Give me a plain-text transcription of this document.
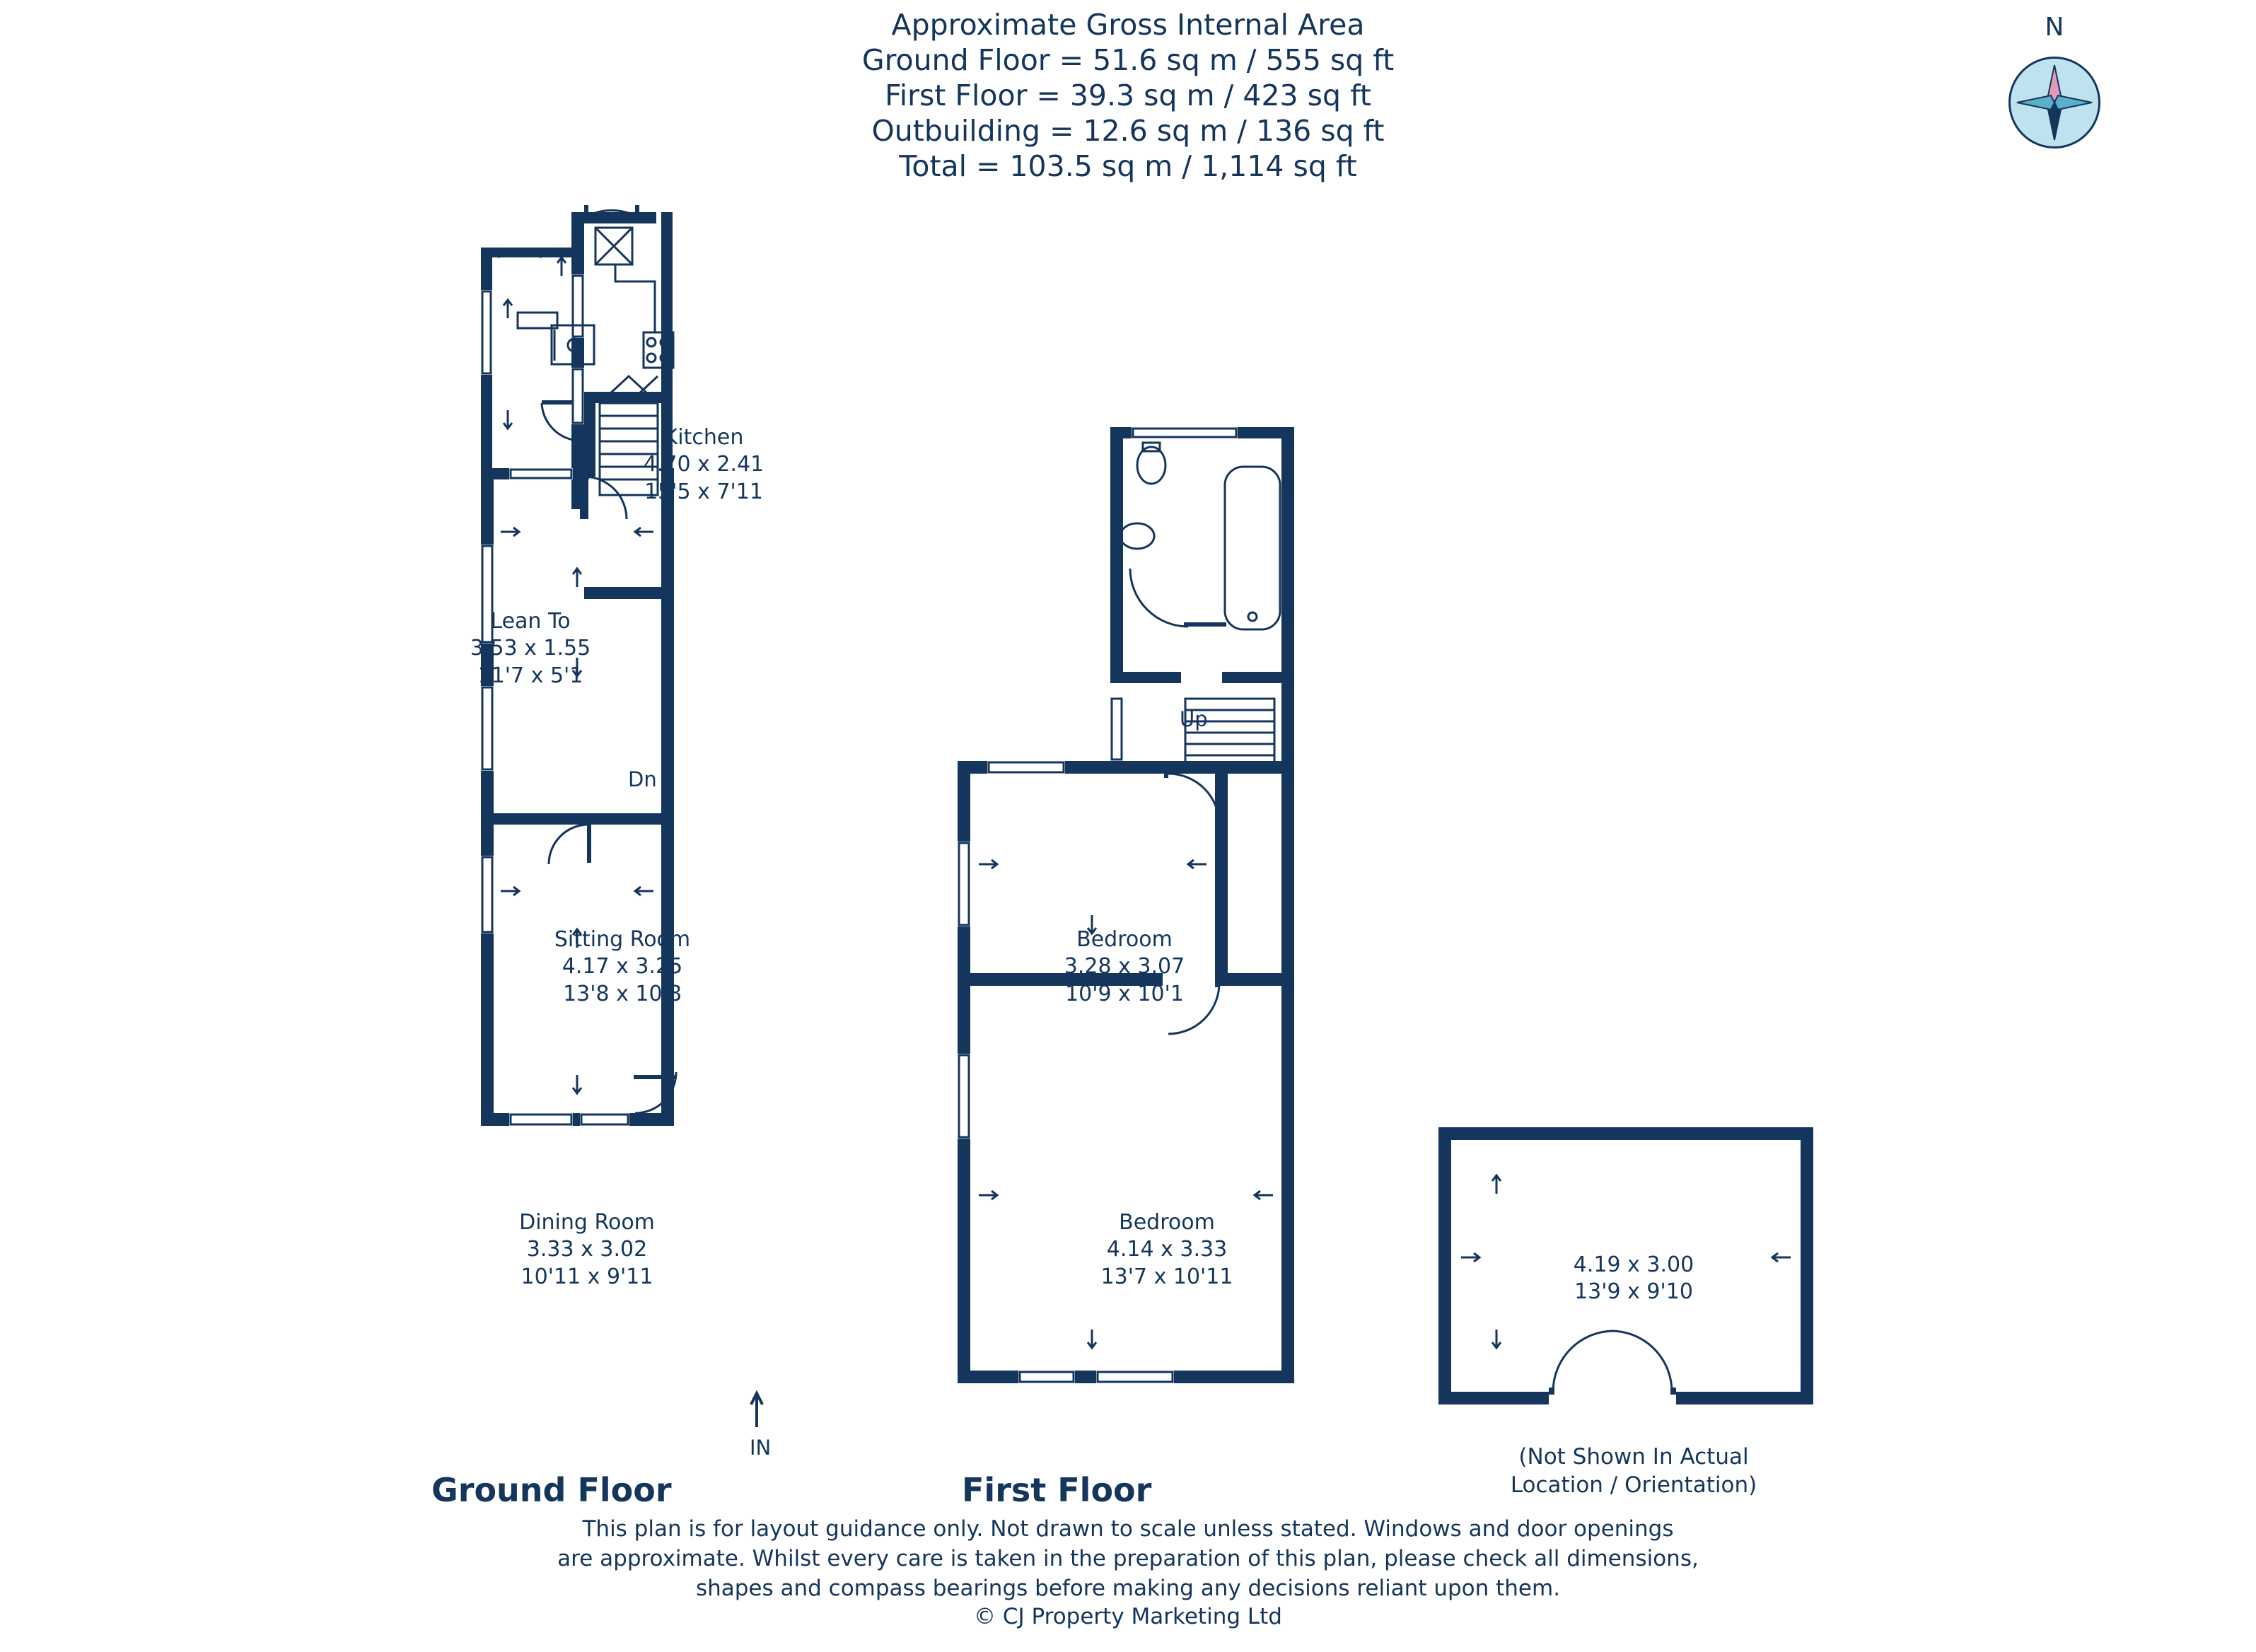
Approximate Gross Internal Area
Ground Floor = 51.6 sq m / 555 sq ft
First Floor = 39.3 sq m / 423 sq ft
Outbuilding = 12.6 sq m / 136 sq ft
Total = 103.5 sq m / 1,114 sq ft
N
Kitchen
4.70 x 2.41
15'5 x 7'11
Lean To
3.53 x 1.55
11'7 x 5'1
Sitting Room
4.17 x 3.25
13'8 x 10'8
Dining Room
3.33 x 3.02
10'11 x 9'11
Dn
IN
Ground Floor
Up
Bedroom
3.28 x 3.07
10'9 x 10'1
Bedroom
4.14 x 3.33
13'7 x 10'11
First Floor
4.19 x 3.00
13'9 x 9'10
(Not Shown In Actual
Location / Orientation)
This plan is for layout guidance only. Not drawn to scale unless stated. Windows and door openings
are approximate. Whilst every care is taken in the preparation of this plan, please check all dimensions,
shapes and compass bearings before making any decisions reliant upon them.
© CJ Property Marketing Ltd
